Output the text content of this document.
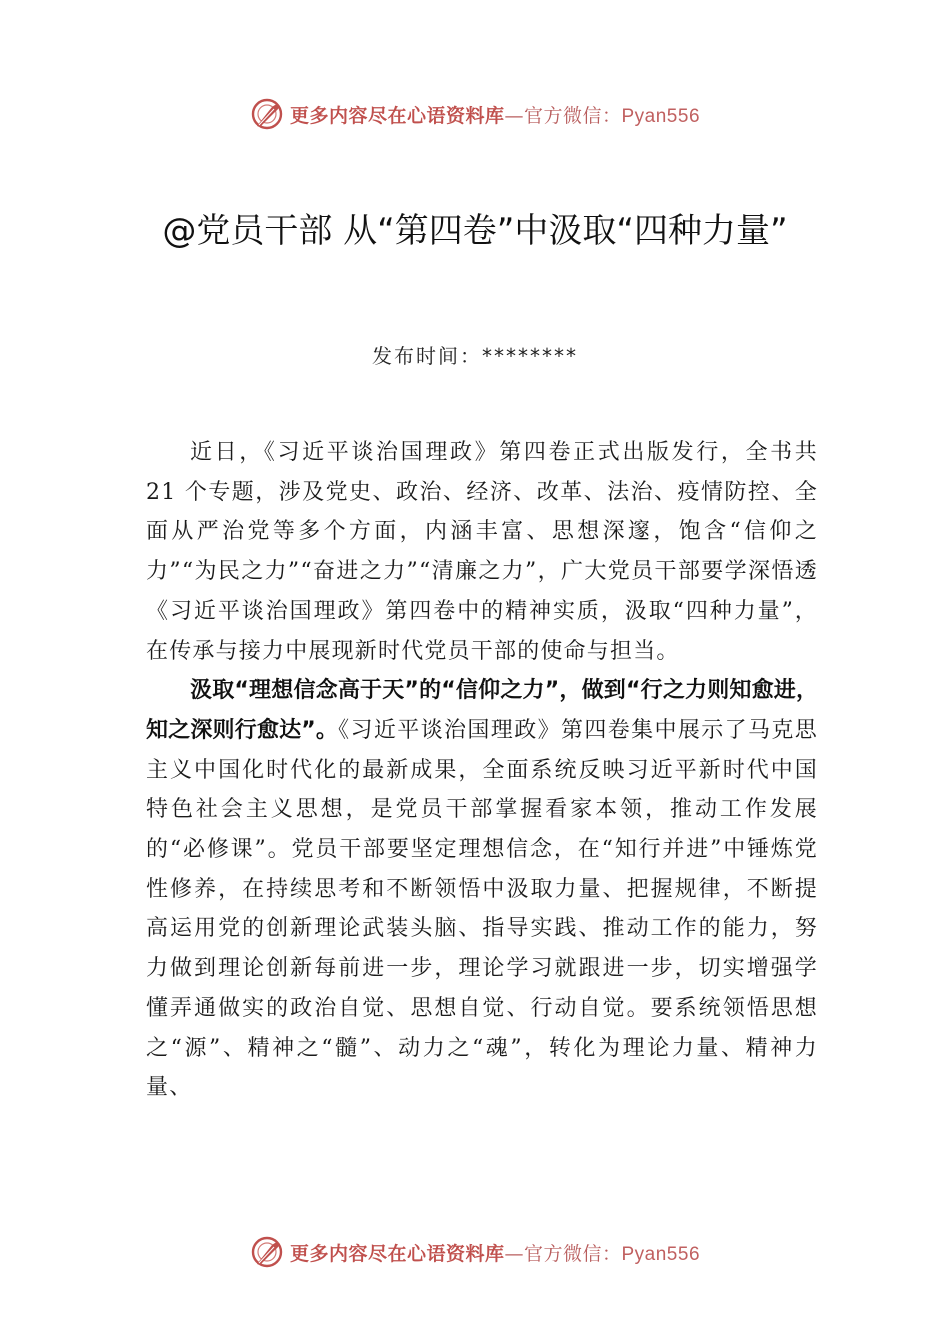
更多内容尽在心语资料库—官方微信：Pyan556
@党员干部 从“第四卷”中汲取“四种力量”
发布时间：********

近日，《习近平谈治国理政》第四卷正式出版发行，全书共 21 个专题，涉及党史、政治、经济、改革、法治、疫情防控、全面从严治党等多个方面，内涵丰富、思想深邃，饱含“信仰之力”“为民之力”“奋进之力”“清廉之力”，广大党员干部要学深悟透《习近平谈治国理政》第四卷中的精神实质，汲取“四种力量”，在传承与接力中展现新时代党员干部的使命与担当。

汲取“理想信念高于天”的“信仰之力”，做到“行之力则知愈进，知之深则行愈达”。《习近平谈治国理政》第四卷集中展示了马克思主义中国化时代化的最新成果，全面系统反映习近平新时代中国特色社会主义思想，是党员干部掌握看家本领，推动工作发展的“必修课”。党员干部要坚定理想信念，在“知行并进”中锤炼党性修养，在持续思考和不断领悟中汲取力量、把握规律，不断提高运用党的创新理论武装头脑、指导实践、推动工作的能力，努力做到理论创新每前进一步，理论学习就跟进一步，切实增强学懂弄通做实的政治自觉、思想自觉、行动自觉。要系统领悟思想之“源”、精神之“髓”、动力之“魂”，转化为理论力量、精神力量、

更多内容尽在心语资料库—官方微信：Pyan556
